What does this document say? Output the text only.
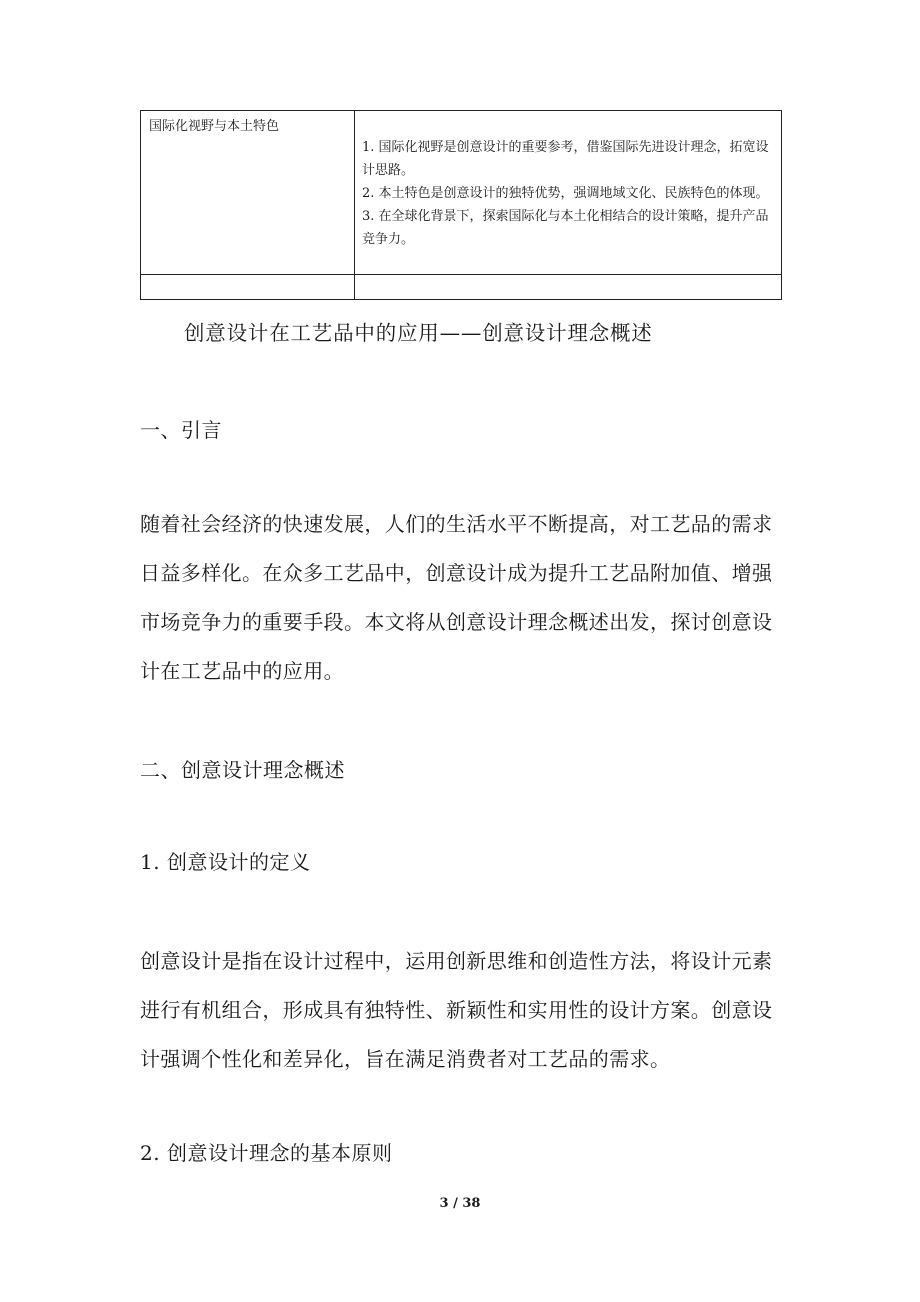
国际化视野与本土特色	1. 国际化视野是创意设计的重要参考，借鉴国际先进设计理念，拓宽设计思路。

2. 本土特色是创意设计的独特优势，强调地域文化、民族特色的体现。

3. 在全球化背景下，探索国际化与本土化相结合的设计策略，提升产品竞争力。

创意设计在工艺品中的应用——创意设计理念概述
一、引言

随着社会经济的快速发展，人们的生活水平不断提高，对工艺品的需求日益多样化。在众多工艺品中，创意设计成为提升工艺品附加值、增强市场竞争力的重要手段。本文将从创意设计理念概述出发，探讨创意设计在工艺品中的应用。

二、创意设计理念概述
1. 创意设计的定义

创意设计是指在设计过程中，运用创新思维和创造性方法，将设计元素进行有机组合，形成具有独特性、新颖性和实用性的设计方案。创意设计强调个性化和差异化，旨在满足消费者对工艺品的需求。

2. 创意设计理念的基本原则
3 / 38
